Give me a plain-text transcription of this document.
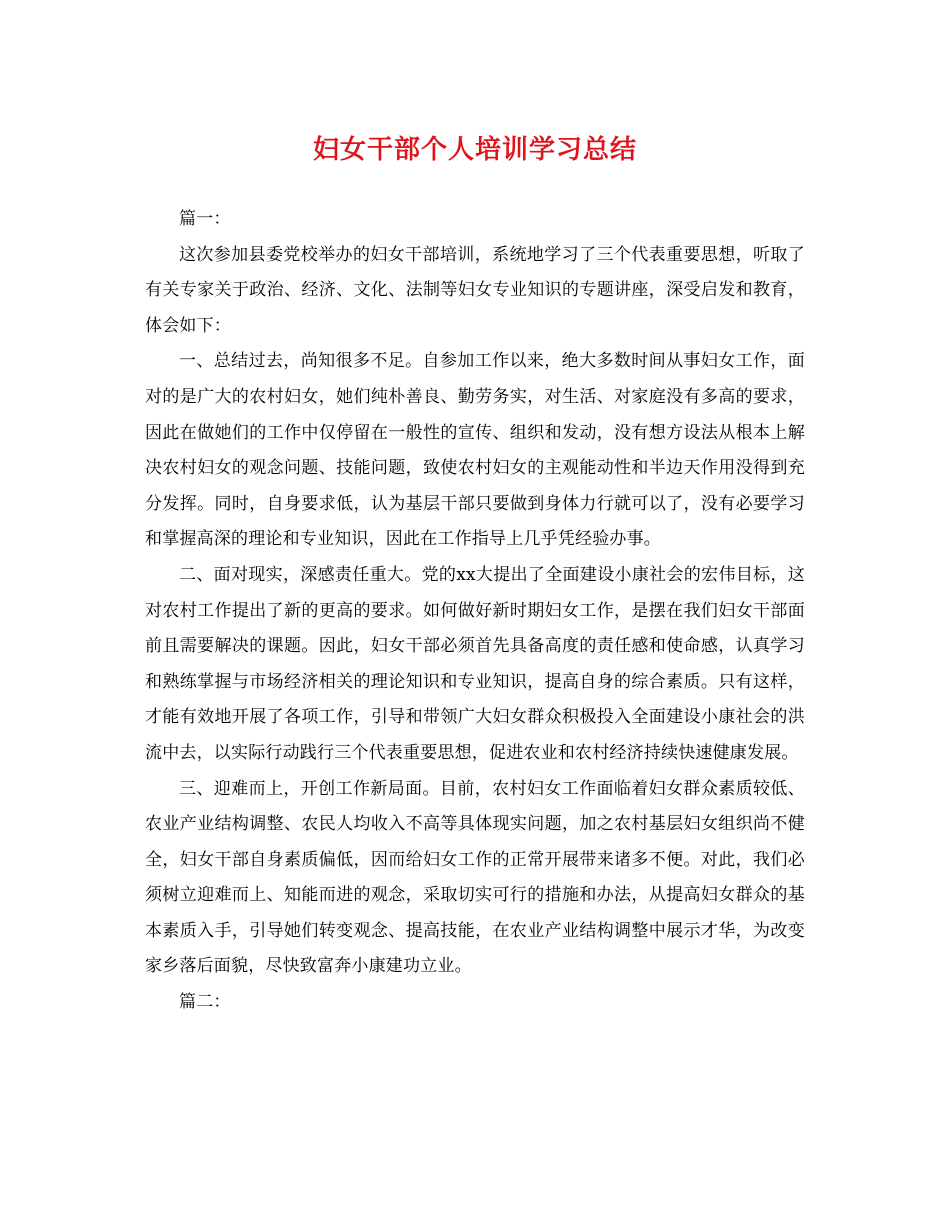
妇女干部个人培训学习总结

篇一：

这次参加县委党校举办的妇女干部培训，系统地学习了三个代表重要思想，听取了有关专家关于政治、经济、文化、法制等妇女专业知识的专题讲座，深受启发和教育，体会如下：

一、总结过去，尚知很多不足。自参加工作以来，绝大多数时间从事妇女工作，面对的是广大的农村妇女，她们纯朴善良、勤劳务实，对生活、对家庭没有多高的要求，因此在做她们的工作中仅停留在一般性的宣传、组织和发动，没有想方设法从根本上解决农村妇女的观念问题、技能问题，致使农村妇女的主观能动性和半边天作用没得到充分发挥。同时，自身要求低，认为基层干部只要做到身体力行就可以了，没有必要学习和掌握高深的理论和专业知识，因此在工作指导上几乎凭经验办事。

二、面对现实，深感责任重大。党的xx大提出了全面建设小康社会的宏伟目标，这对农村工作提出了新的更高的要求。如何做好新时期妇女工作，是摆在我们妇女干部面前且需要解决的课题。因此，妇女干部必须首先具备高度的责任感和使命感，认真学习和熟练掌握与市场经济相关的理论知识和专业知识，提高自身的综合素质。只有这样，才能有效地开展了各项工作，引导和带领广大妇女群众积极投入全面建设小康社会的洪流中去，以实际行动践行三个代表重要思想，促进农业和农村经济持续快速健康发展。

三、迎难而上，开创工作新局面。目前，农村妇女工作面临着妇女群众素质较低、农业产业结构调整、农民人均收入不高等具体现实问题，加之农村基层妇女组织尚不健全，妇女干部自身素质偏低，因而给妇女工作的正常开展带来诸多不便。对此，我们必须树立迎难而上、知能而进的观念，采取切实可行的措施和办法，从提高妇女群众的基本素质入手，引导她们转变观念、提高技能，在农业产业结构调整中展示才华，为改变家乡落后面貌，尽快致富奔小康建功立业。

篇二：
